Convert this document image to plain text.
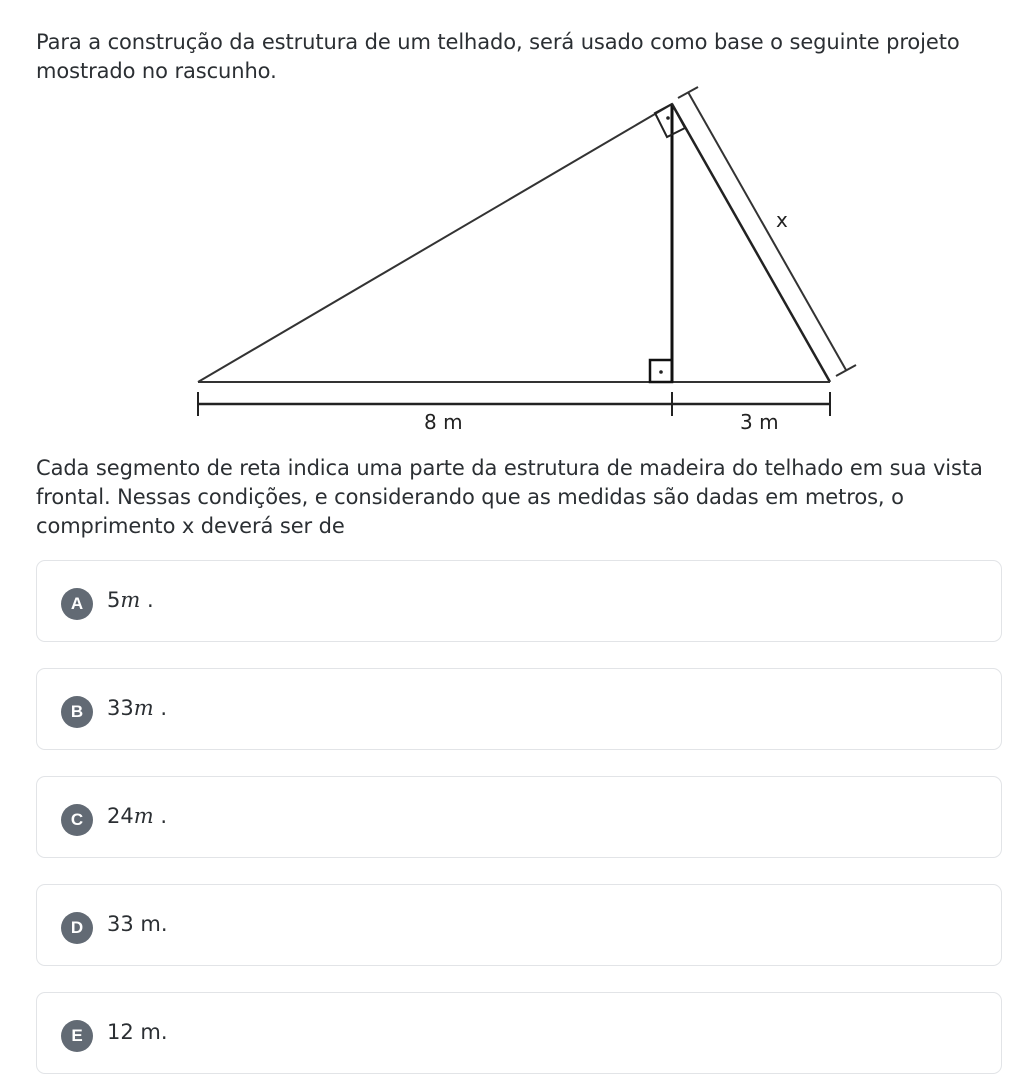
Para a construção da estrutura de um telhado, será usado como base o seguinte projeto mostrado no rascunho.

x
8 m	3 m

Cada segmento de reta indica uma parte da estrutura de madeira do telhado em sua vista frontal. Nessas condições, e considerando que as medidas são dadas em metros, o comprimento x deverá ser de

A	5m .
B	33m .
C	24m .
D	33 m.
E	12 m.
